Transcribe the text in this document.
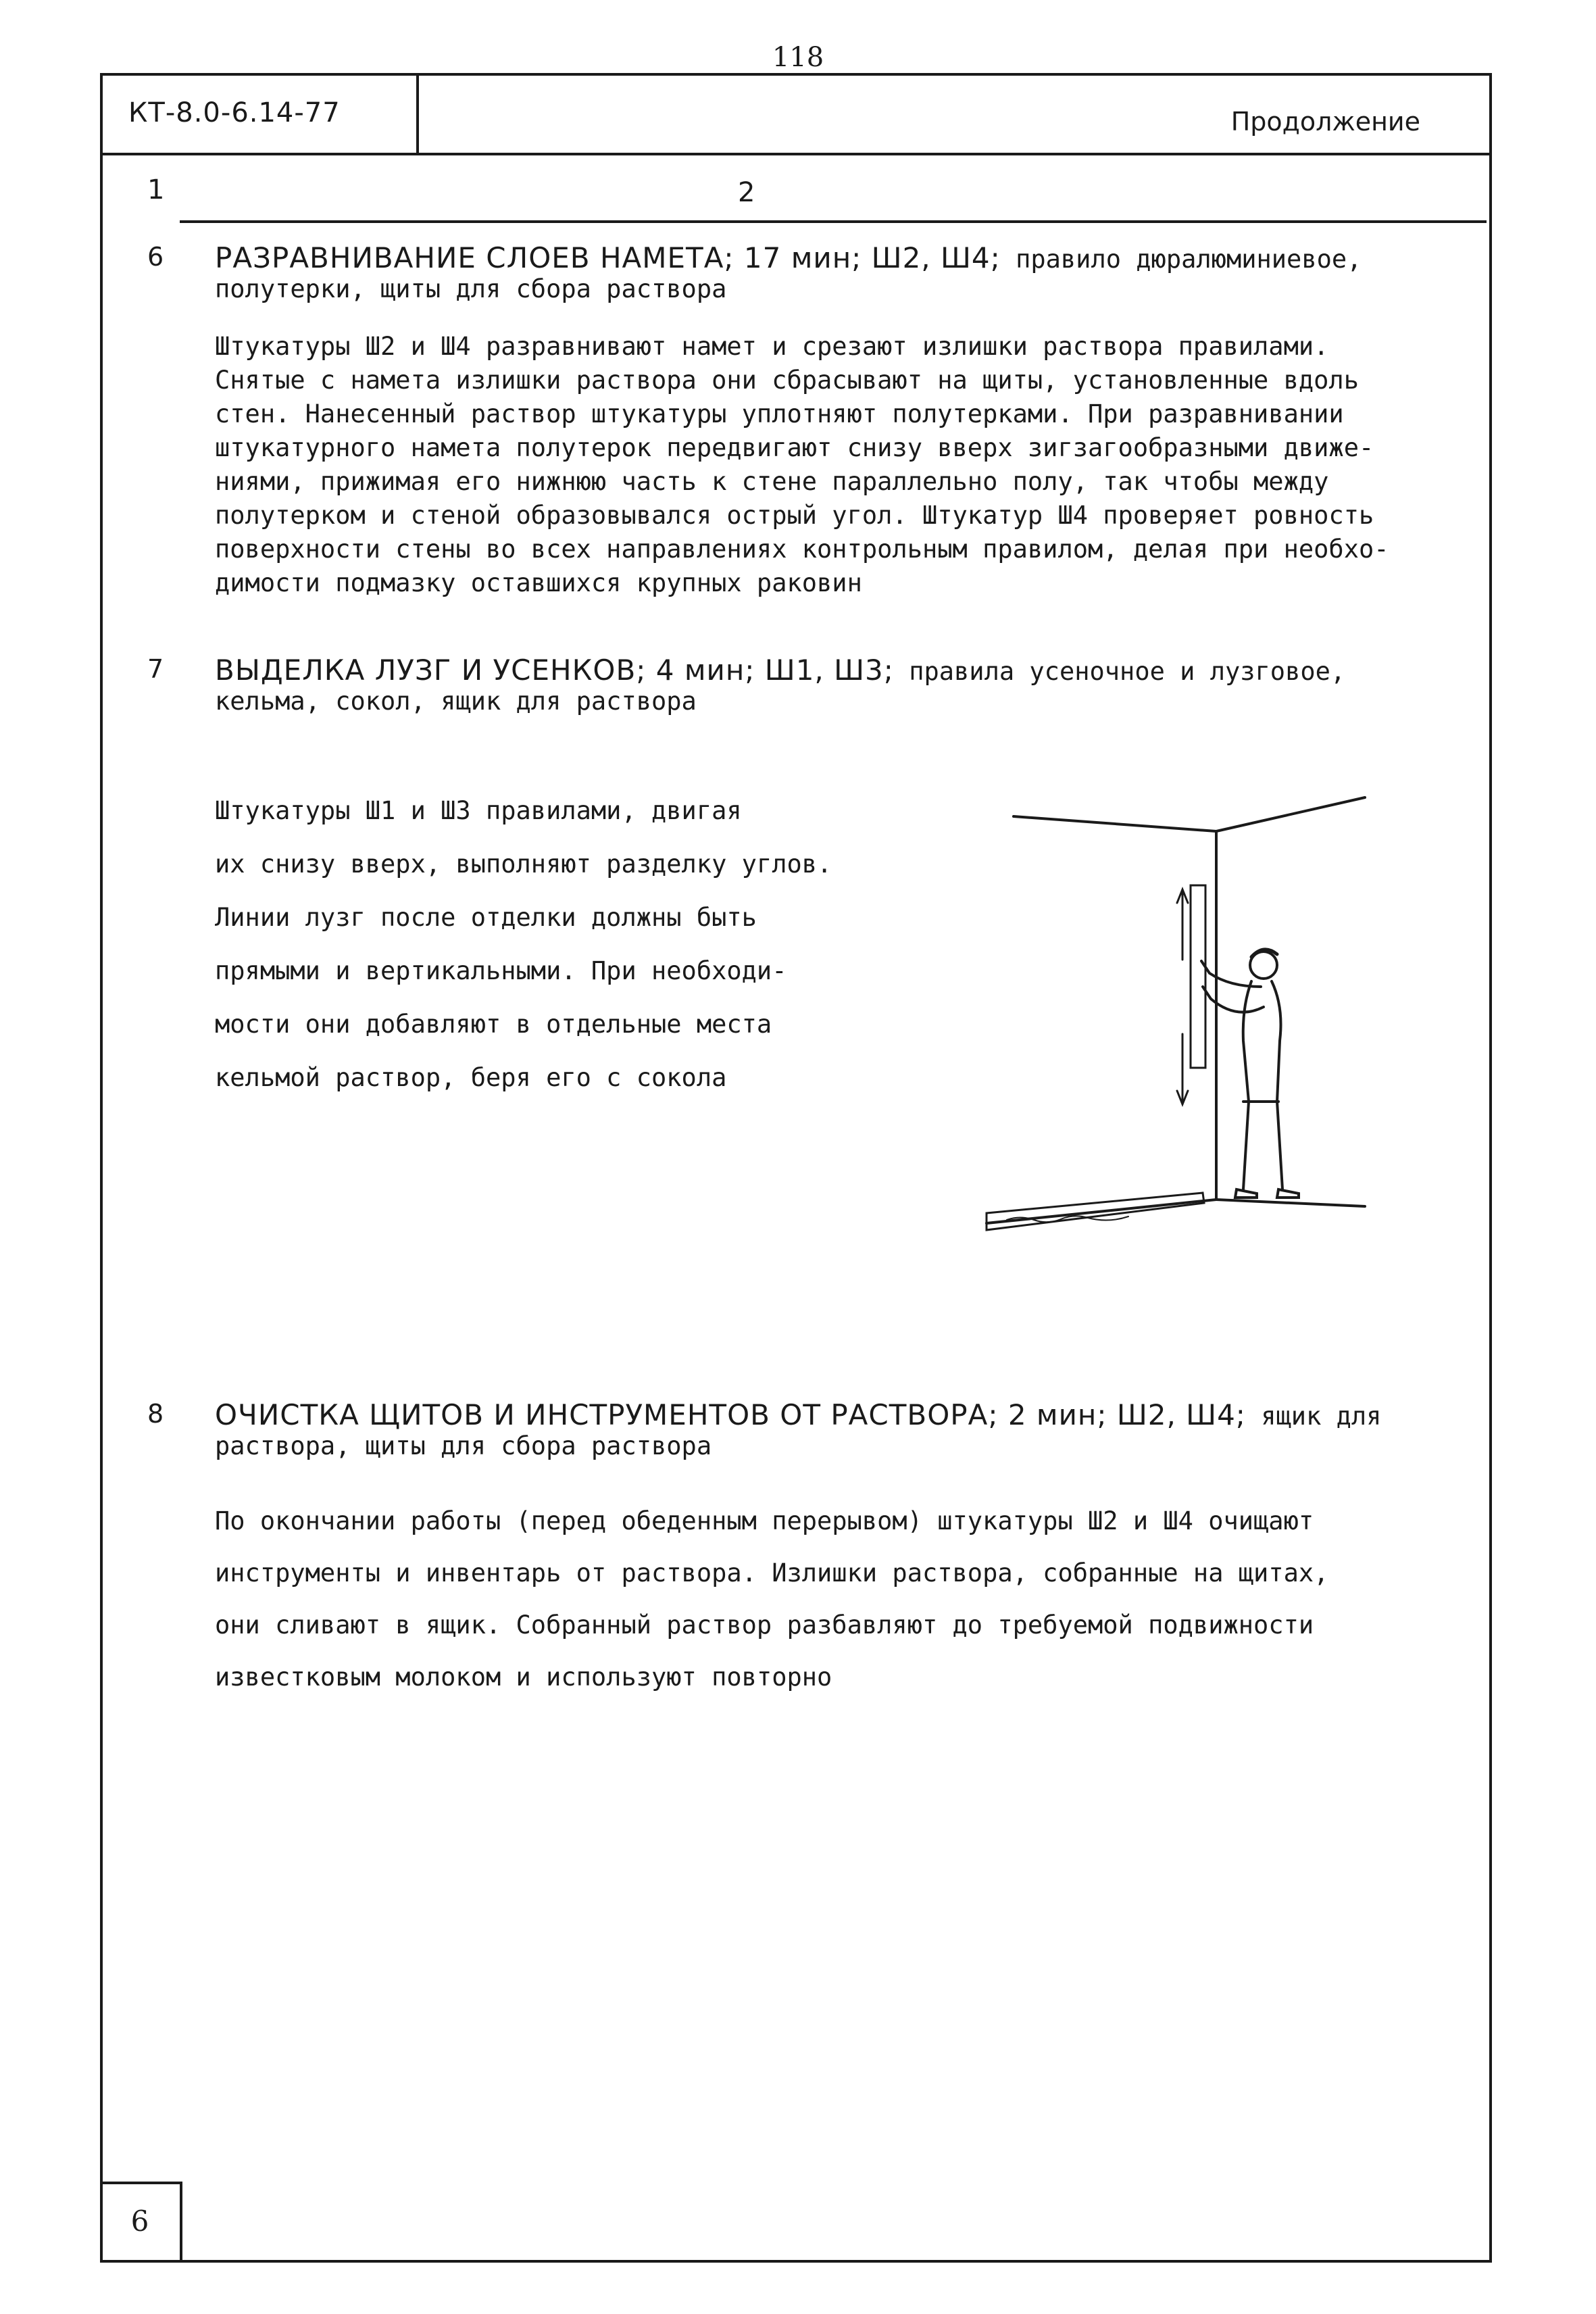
118
КТ-8.0-6.14-77	Продолжение
1	2
6 РАЗРАВНИВАНИЕ СЛОЕВ НАМЕТА; 17 мин; Ш2, Ш4; правило дюралюминиевое,
полутерки, щиты для сбора раствора
Штукатуры Ш2 и Ш4 разравнивают намет и срезают излишки раствора правилами.
Снятые с намета излишки раствора они сбрасывают на щиты, установленные вдоль
стен. Нанесенный раствор штукатуры уплотняют полутерками. При разравнивании
штукатурного намета полутерок передвигают снизу вверх зигзагообразными движе-
ниями, прижимая его нижнюю часть к стене параллельно полу, так чтобы между
полутерком и стеной образовывался острый угол. Штукатур Ш4 проверяет ровность
поверхности стены во всех направлениях контрольным правилом, делая при необхо-
димости подмазку оставшихся крупных раковин
7 ВЫДЕЛКА ЛУЗГ И УСЕНКОВ; 4 мин; Ш1, Ш3; правила усеночное и лузговое,
кельма, сокол, ящик для раствора
Штукатуры Ш1 и Ш3 правилами, двигая
их снизу вверх, выполняют разделку углов.
Линии лузг после отделки должны быть
прямыми и вертикальными. При необходи-
мости они добавляют в отдельные места
кельмой раствор, беря его с сокола
8 ОЧИСТКА ЩИТОВ И ИНСТРУМЕНТОВ ОТ РАСТВОРА; 2 мин; Ш2, Ш4; ящик для
раствора, щиты для сбора раствора
По окончании работы (перед обеденным перерывом) штукатуры Ш2 и Ш4 очищают
инструменты и инвентарь от раствора. Излишки раствора, собранные на щитах,
они сливают в ящик. Собранный раствор разбавляют до требуемой подвижности
известковым молоком и используют повторно
6
